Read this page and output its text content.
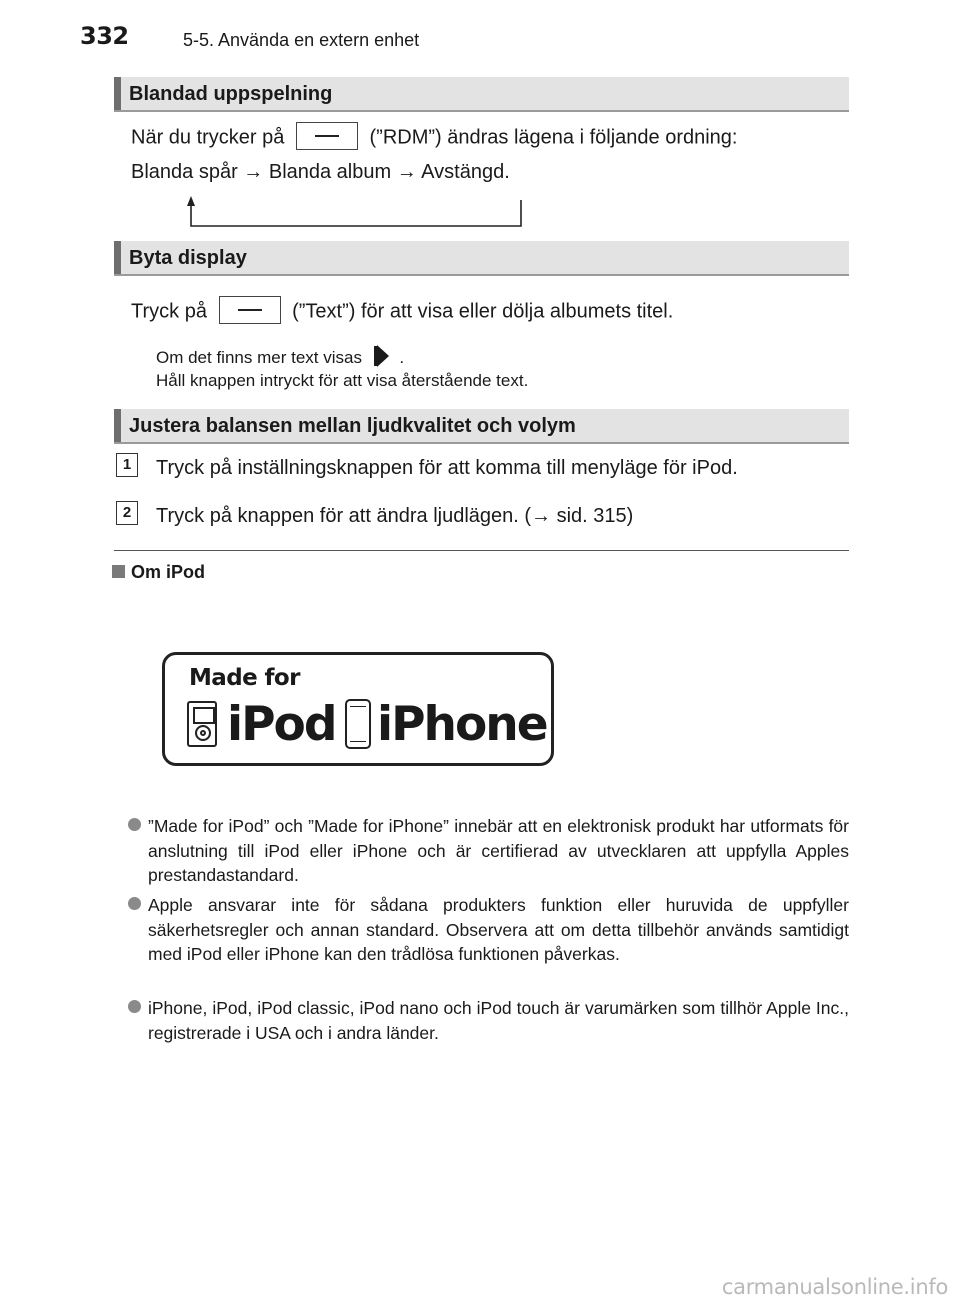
332	5-5. Använda en extern enhet
Blandad uppspelning
När du trycker på	(”RDM”) ändras lägena i följande ordning:
Blanda spår → Blanda album → Avstängd.
Byta display
Tryck på	(”Text”) för att visa eller dölja albumets titel.
Om det finns mer text visas .
Håll knappen intryckt för att visa återstående text.
Justera balansen mellan ljudkvalitet och volym
1	Tryck på inställningsknappen för att komma till menyläge för iPod.
2	Tryck på knappen för att ändra ljudlägen. (→ sid. 315)
Om iPod
Made for
iPod iPhone
”Made for iPod” och ”Made for iPhone” innebär att en elektronisk produkt har utformats för anslutning till iPod eller iPhone och är certifierad av utvecklaren att uppfylla Apples prestandastandard.
Apple ansvarar inte för sådana produkters funktion eller huruvida de uppfyller säkerhetsregler och annan standard. Observera att om detta tillbehör används samtidigt med iPod eller iPhone kan den trådlösa funktionen påverkas.
iPhone, iPod, iPod classic, iPod nano och iPod touch är varumärken som tillhör Apple Inc., registrerade i USA och i andra länder.
carmanualsonline.info
